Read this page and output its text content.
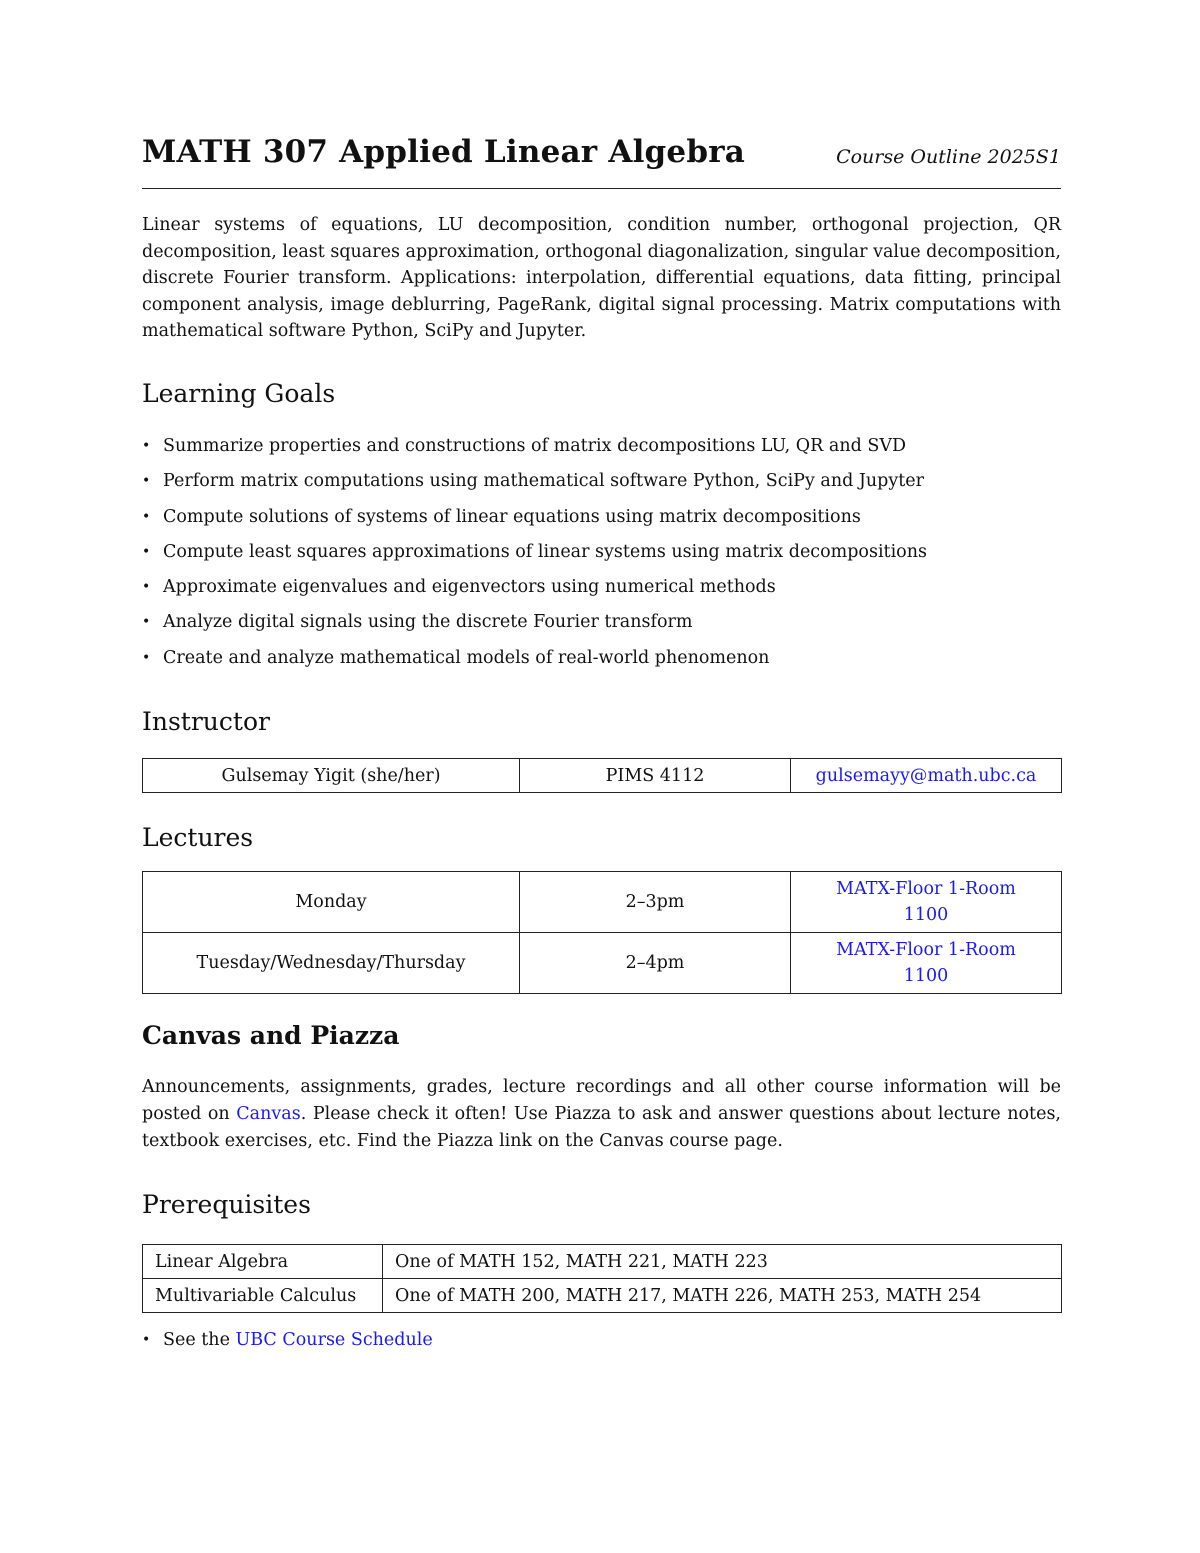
MATH 307 Applied Linear Algebra	Course Outline 2025S1

Linear systems of equations, LU decomposition, condition number, orthogonal projection, QR decomposition, least squares approximation, orthogonal diagonalization, singular value decomposition, discrete Fourier transform. Applications: interpolation, differential equations, data fitting, principal component analysis, image deblurring, PageRank, digital signal processing. Matrix computations with mathematical software Python, SciPy and Jupyter.

Learning Goals
• Summarize properties and constructions of matrix decompositions LU, QR and SVD
• Perform matrix computations using mathematical software Python, SciPy and Jupyter
• Compute solutions of systems of linear equations using matrix decompositions
• Compute least squares approximations of linear systems using matrix decompositions
• Approximate eigenvalues and eigenvectors using numerical methods
• Analyze digital signals using the discrete Fourier transform
• Create and analyze mathematical models of real-world phenomenon
Instructor
Gulsemay Yigit (she/her)	PIMS 4112	gulsemayy@math.ubc.ca
Lectures
Monday	2–3pm	MATX-Floor 1-Room
1100
Tuesday/Wednesday/Thursday	2–4pm	MATX-Floor 1-Room
1100
Canvas and Piazza

Announcements, assignments, grades, lecture recordings and all other course information will be posted on Canvas. Please check it often! Use Piazza to ask and answer questions about lecture notes, textbook exercises, etc. Find the Piazza link on the Canvas course page.

Prerequisites
Linear Algebra	One of MATH 152, MATH 221, MATH 223
Multivariable Calculus	One of MATH 200, MATH 217, MATH 226, MATH 253, MATH 254
• See the UBC Course Schedule
